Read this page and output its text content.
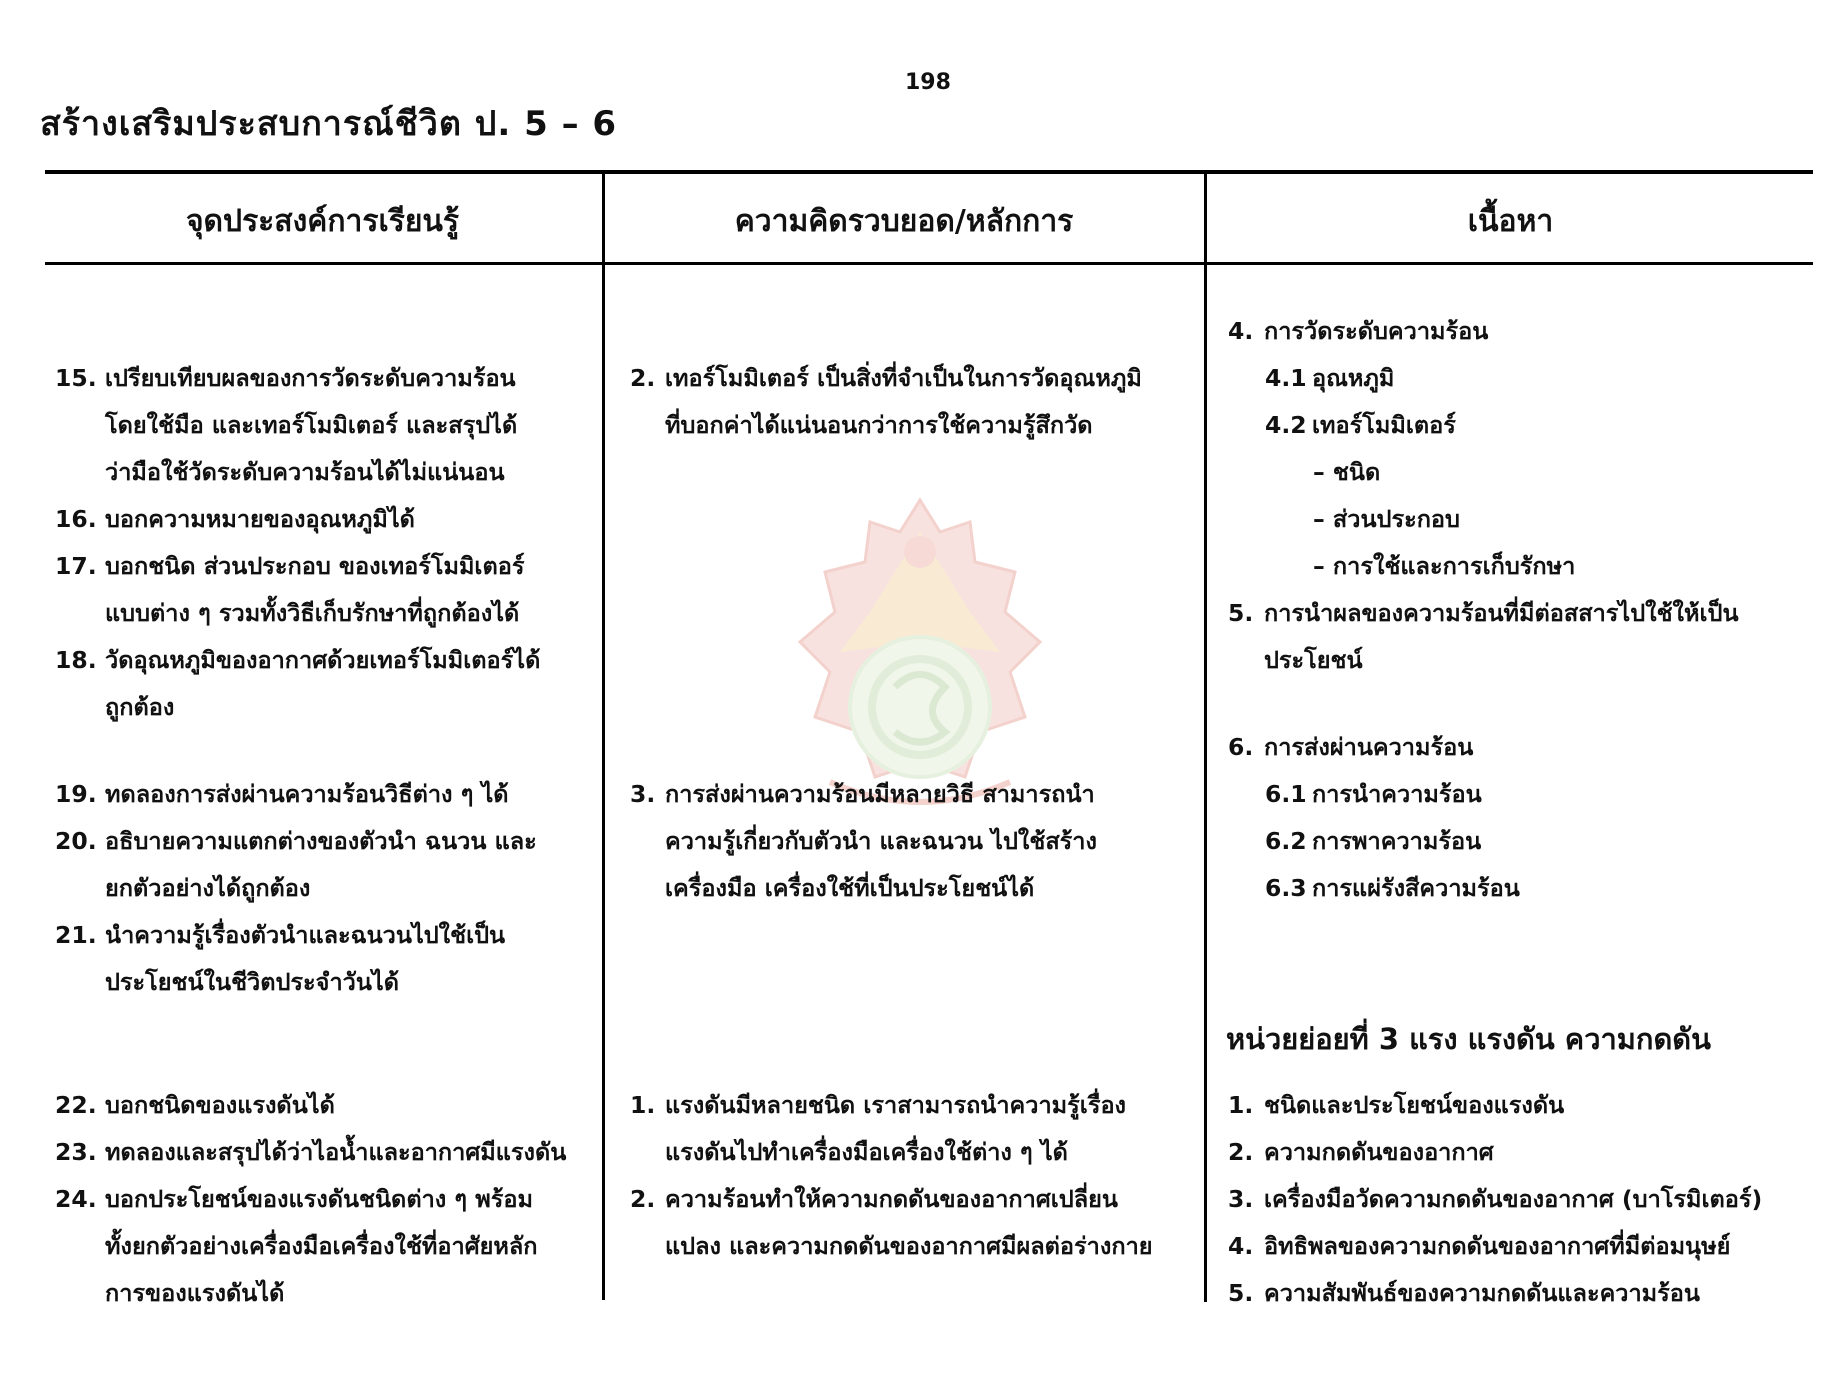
198
สร้างเสริมประสบการณ์ชีวิต ป. 5 – 6
จุดประสงค์การเรียนรู้	ความคิดรวบยอด/หลักการ	เนื้อหา
15. เปรียบเทียบผลของการวัดระดับความร้อน
โดยใช้มือ และเทอร์โมมิเตอร์ และสรุปได้
ว่ามือใช้วัดระดับความร้อนได้ไม่แน่นอน
16. บอกความหมายของอุณหภูมิได้
17. บอกชนิด ส่วนประกอบ ของเทอร์โมมิเตอร์
แบบต่าง ๆ รวมทั้งวิธีเก็บรักษาที่ถูกต้องได้
18. วัดอุณหภูมิของอากาศด้วยเทอร์โมมิเตอร์ได้
ถูกต้อง
19. ทดลองการส่งผ่านความร้อนวิธีต่าง ๆ ได้
20. อธิบายความแตกต่างของตัวนำ ฉนวน และ
ยกตัวอย่างได้ถูกต้อง
21. นำความรู้เรื่องตัวนำและฉนวนไปใช้เป็น
ประโยชน์ในชีวิตประจำวันได้
22. บอกชนิดของแรงดันได้
23. ทดลองและสรุปได้ว่าไอน้ำและอากาศมีแรงดัน
24. บอกประโยชน์ของแรงดันชนิดต่าง ๆ พร้อม
ทั้งยกตัวอย่างเครื่องมือเครื่องใช้ที่อาศัยหลัก
การของแรงดันได้
2. เทอร์โมมิเตอร์ เป็นสิ่งที่จำเป็นในการวัดอุณหภูมิ
ที่บอกค่าได้แน่นอนกว่าการใช้ความรู้สึกวัด
3. การส่งผ่านความร้อนมีหลายวิธี สามารถนำ
ความรู้เกี่ยวกับตัวนำ และฉนวน ไปใช้สร้าง
เครื่องมือ เครื่องใช้ที่เป็นประโยชน์ได้
1. แรงดันมีหลายชนิด เราสามารถนำความรู้เรื่อง
แรงดันไปทำเครื่องมือเครื่องใช้ต่าง ๆ ได้
2. ความร้อนทำให้ความกดดันของอากาศเปลี่ยน
แปลง และความกดดันของอากาศมีผลต่อร่างกาย
4. การวัดระดับความร้อน
4.1 อุณหภูมิ
4.2 เทอร์โมมิเตอร์
– ชนิด
– ส่วนประกอบ
– การใช้และการเก็บรักษา
5. การนำผลของความร้อนที่มีต่อสสารไปใช้ให้เป็น
ประโยชน์
6. การส่งผ่านความร้อน
6.1 การนำความร้อน
6.2 การพาความร้อน
6.3 การแผ่รังสีความร้อน
หน่วยย่อยที่ 3 แรง แรงดัน ความกดดัน
1. ชนิดและประโยชน์ของแรงดัน
2. ความกดดันของอากาศ
3. เครื่องมือวัดความกดดันของอากาศ (บาโรมิเตอร์)
4. อิทธิพลของความกดดันของอากาศที่มีต่อมนุษย์
5. ความสัมพันธ์ของความกดดันและความร้อน
